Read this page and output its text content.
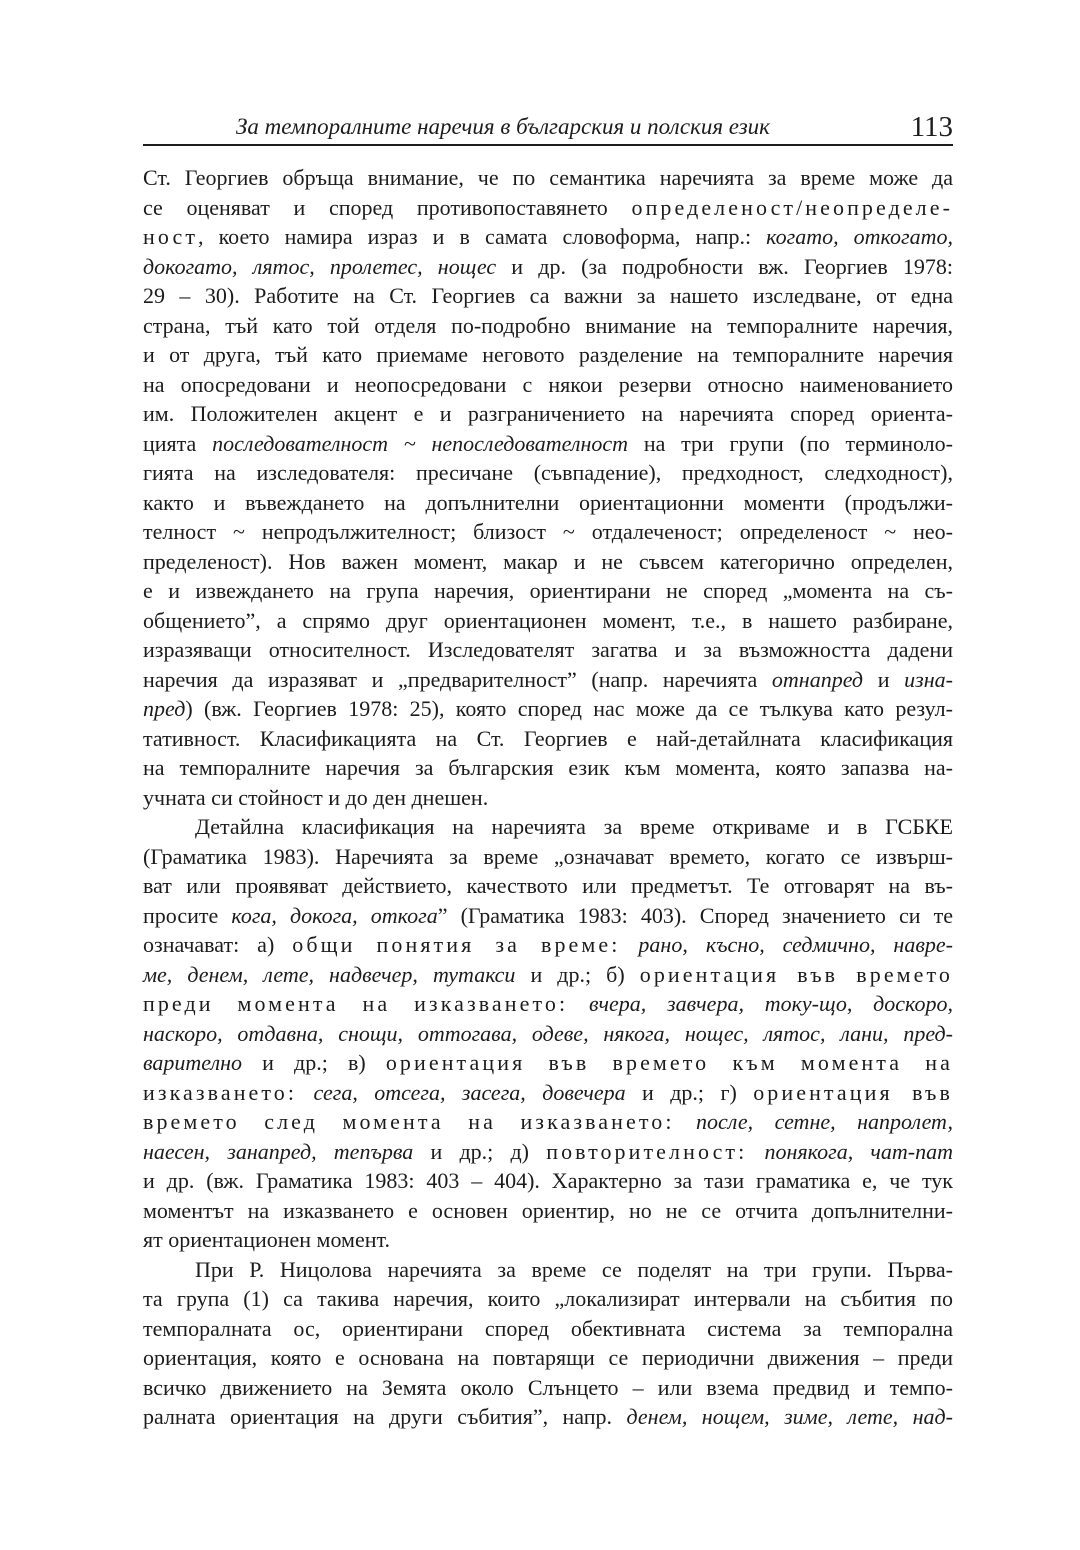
За темпоралните наречия в българския и полския език	113
Ст. Георгиев обръща внимание, че по семантика наречията за време може да
се оценяват и според противопоставянето определеност/неопределе-
ност, което намира израз и в самата словоформа, напр.: когато, откогато,
докогато, лятос, пролетес, нощес и др. (за подробности вж. Георгиев 1978:
29 – 30). Работите на Ст. Георгиев са важни за нашето изследване, от една
страна, тъй като той отделя по-подробно внимание на темпоралните наречия,
и от друга, тъй като приемаме неговото разделение на темпоралните наречия
на опосредовани и неопосредовани с някои резерви относно наименованието
им. Положителен акцент е и разграничението на наречията според ориента-
цията последователност ~ непоследователност на три групи (по терминоло-
гията на изследователя: пресичане (съвпадение), предходност, следходност),
както и въвеждането на допълнителни ориентационни моменти (продължи-
телност ~ непродължителност; близост ~ отдалеченост; определеност ~ нео-
пределеност). Нов важен момент, макар и не съвсем категорично определен,
е и извеждането на група наречия, ориентирани не според „момента на съ-
общението”, а спрямо друг ориентационен момент, т.е., в нашето разбиране,
изразяващи относителност. Изследователят загатва и за възможността дадени
наречия да изразяват и „предварителност” (напр. наречията отнапред и изна-
пред) (вж. Георгиев 1978: 25), която според нас може да се тълкува като резул-
тативност. Класификацията на Ст. Георгиев е най-детайлната класификация
на темпоралните наречия за българския език към момента, която запазва на-
учната си стойност и до ден днешен.
Детайлна класификация на наречията за време откриваме и в ГСБКЕ
(Граматика 1983). Наречията за време „означават времето, когато се извърш-
ват или проявяват действието, качеството или предметът. Те отговарят на въ-
просите кога, докога, откога” (Граматика 1983: 403). Според значението си те
означават: а) общи понятия за време: рано, късно, седмично, навре-
ме, денем, лете, надвечер, тутакси и др.; б) ориентация във времето
преди момента на изказването: вчера, завчера, току-що, доскоро,
наскоро, отдавна, снощи, оттогава, одеве, някога, нощес, лятос, лани, пред-
варително и др.; в) ориентация във времето към момента на
изказването: сега, отсега, засега, довечера и др.; г) ориентация във
времето след момента на изказването: после, сетне, напролет,
наесен, занапред, тепърва и др.; д) повторителност: понякога, чат-пат
и др. (вж. Граматика 1983: 403 – 404). Характерно за тази граматика е, че тук
моментът на изказването е основен ориентир, но не се отчита допълнителни-
ят ориентационен момент.
При Р. Ницолова наречията за време се поделят на три групи. Първа-
та група (1) са такива наречия, които „локализират интервали на събития по
темпоралната ос, ориентирани според обективната система за темпорална
ориентация, която е основана на повтарящи се периодични движения – преди
всичко движението на Земята около Слънцето – или взема предвид и темпо-
ралната ориентация на други събития”, напр. денем, нощем, зиме, лете, над-
